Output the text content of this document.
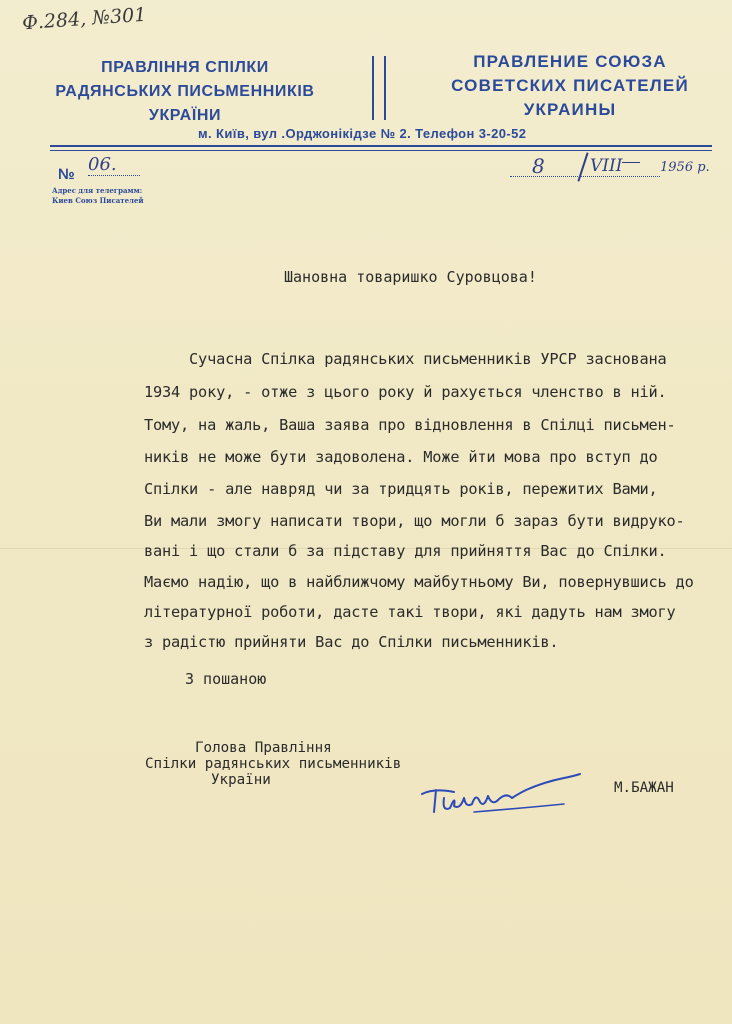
Ф.284, №301
ПРАВЛІННЯ СПІЛКИ
РАДЯНСЬКИХ ПИСЬМЕННИКІВ
УКРАЇНИ
ПРАВЛЕНИЕ СОЮЗА
СОВЕТСКИХ ПИСАТЕЛЕЙ
УКРАИНЫ
м. Київ, вул .Орджонікідзе № 2. Телефон 3-20-52
№ 06.
Адрес для телеграмм:
Киев Союз Писателей
8	VIII	1956 р.
Шановна товаришко Суровцова!
Сучасна Спілка радянських письменників УРСР заснована
1934 року, - отже з цього року й рахується членство в ній.
Тому, на жаль, Ваша заява про відновлення в Спілці письмен-
ників не може бути задоволена. Може йти мова про вступ до
Спілки - але навряд чи за тридцять років, пережитих Вами,
Ви мали змогу написати твори, що могли б зараз бути видруко-
вані і що стали б за підставу для прийняття Вас до Спілки.
Маємо надію, що в найближчому майбутньому Ви, повернувшись до
літературної роботи, дасте такі твори, які дадуть нам змогу
з радістю прийняти Вас до Спілки письменників.
З пошаною
Голова Правління
Спілки радянських письменників
України	М.БАЖАН
